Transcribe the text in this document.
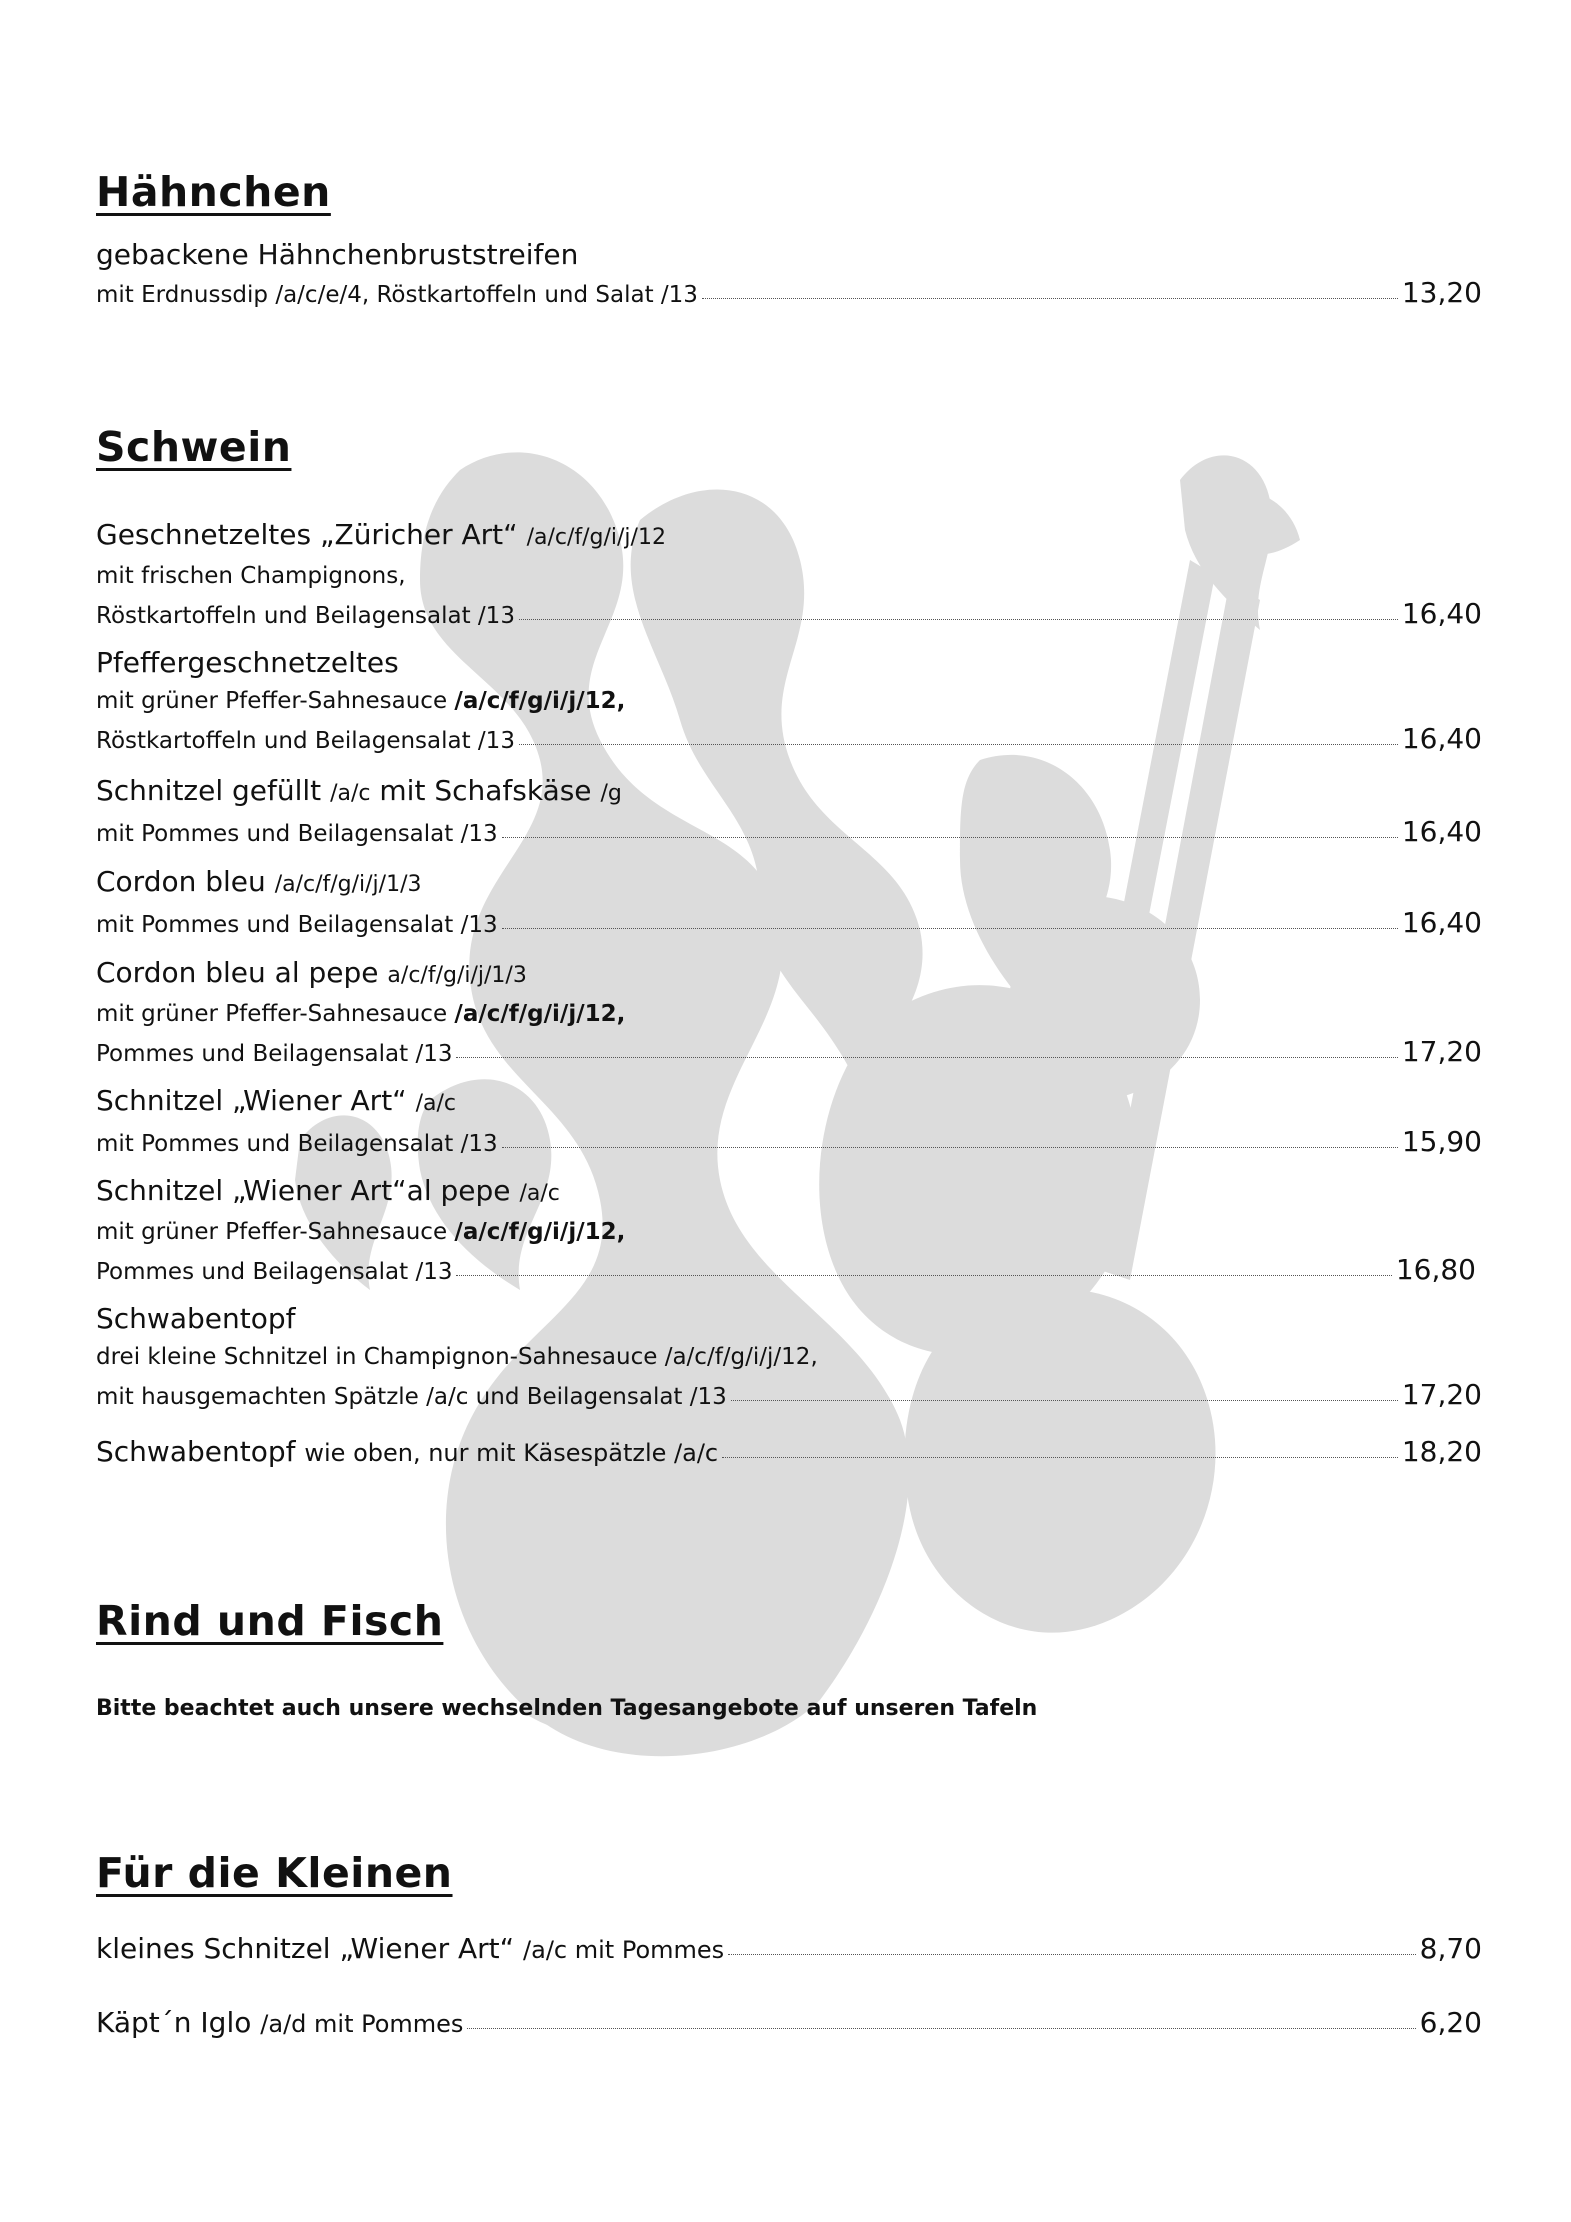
Hähnchen
gebackene Hähnchenbruststreifen
mit Erdnussdip /a/c/e/4, Röstkartoffeln und Salat /13	13,20
Schwein
Geschnetzeltes „Züricher Art“ /a/c/f/g/i/j/12
mit frischen Champignons,
Röstkartoffeln und Beilagensalat /13	16,40
Pfeffergeschnetzeltes
mit grüner Pfeffer-Sahnesauce /a/c/f/g/i/j/12,
Röstkartoffeln und Beilagensalat /13	16,40
Schnitzel gefüllt /a/c mit Schafskäse /g
mit Pommes und Beilagensalat /13	16,40
Cordon bleu /a/c/f/g/i/j/1/3
mit Pommes und Beilagensalat /13	16,40
Cordon bleu al pepe a/c/f/g/i/j/1/3
mit grüner Pfeffer-Sahnesauce /a/c/f/g/i/j/12,
Pommes und Beilagensalat /13	17,20
Schnitzel „Wiener Art“ /a/c
mit Pommes und Beilagensalat /13	15,90
Schnitzel „Wiener Art“al pepe /a/c
mit grüner Pfeffer-Sahnesauce /a/c/f/g/i/j/12,
Pommes und Beilagensalat /13	16,80
Schwabentopf
drei kleine Schnitzel in Champignon-Sahnesauce /a/c/f/g/i/j/12,
mit hausgemachten Spätzle /a/c und Beilagensalat /13	17,20
Schwabentopf wie oben, nur mit Käsespätzle /a/c	18,20
Rind und Fisch
Bitte beachtet auch unsere wechselnden Tagesangebote auf unseren Tafeln
Für die Kleinen
kleines Schnitzel „Wiener Art“ /a/c mit Pommes	8,70
Käpt´n Iglo /a/d mit Pommes	6,20
